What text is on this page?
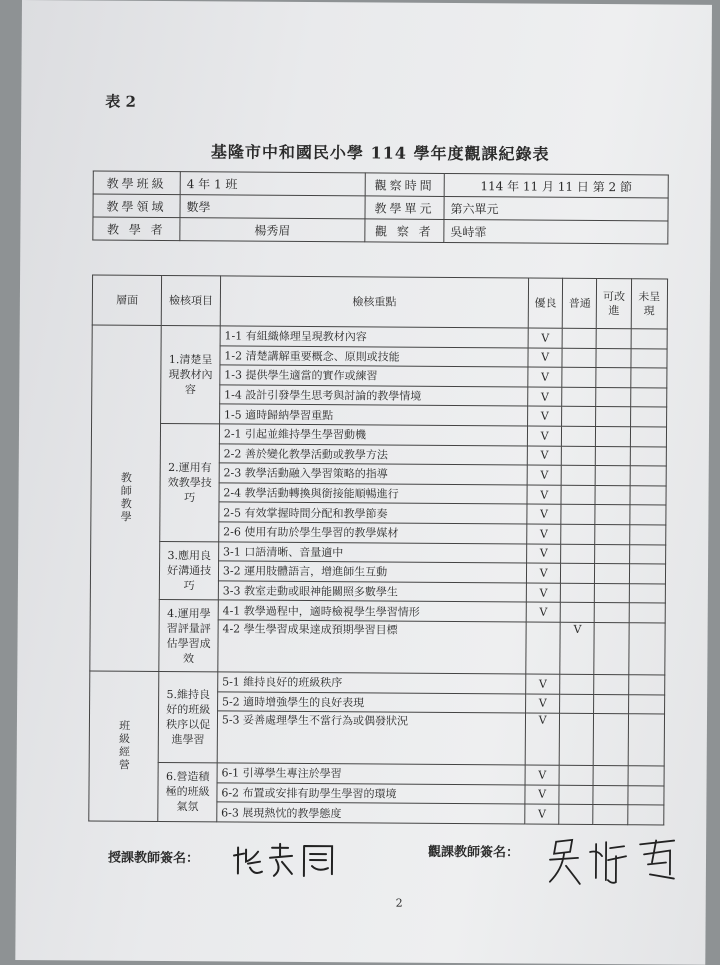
表 2
基隆市中和國民小學 114 學年度觀課紀錄表
教學班級	4 年 1 班	觀察時間	114 年 11 月 11 日 第 2 節
教學領域	數學	教學單元	第六單元
教 學 者	楊秀眉	觀 察 者	吳峙霏
層面	檢核項目	檢核重點	優良	普通	可改進	未呈現
教師教學	1.清楚呈現教材內容	1-1 有組織條理呈現教材內容	V			
		1-2 清楚講解重要概念、原則或技能	V			
		1-3 提供學生適當的實作或練習	V			
		1-4 設計引發學生思考與討論的教學情境	V			
		1-5 適時歸納學習重點	V			
	2.運用有效教學技巧	2-1 引起並維持學生學習動機	V			
		2-2 善於變化教學活動或教學方法	V			
		2-3 教學活動融入學習策略的指導	V			
		2-4 教學活動轉換與銜接能順暢進行	V			
		2-5 有效掌握時間分配和教學節奏	V			
		2-6 使用有助於學生學習的教學媒材	V			
	3.應用良好溝通技巧	3-1 口語清晰、音量適中	V			
		3-2 運用肢體語言，增進師生互動	V			
		3-3 教室走動或眼神能關照多數學生	V			
	4.運用學習評量評估學習成效	4-1 教學過程中，適時檢視學生學習情形	V			
		4-2 學生學習成果達成預期學習目標		V		
班級經營	5.維持良好的班級秩序以促進學習	5-1 維持良好的班級秩序	V			
		5-2 適時增強學生的良好表現	V			
		5-3 妥善處理學生不當行為或偶發狀況	V			
	6.營造積極的班級氣氛	6-1 引導學生專注於學習	V			
		6-2 布置或安排有助學生學習的環境	V			
		6-3 展現熱忱的教學態度	V			
授課教師簽名：	觀課教師簽名：
2
